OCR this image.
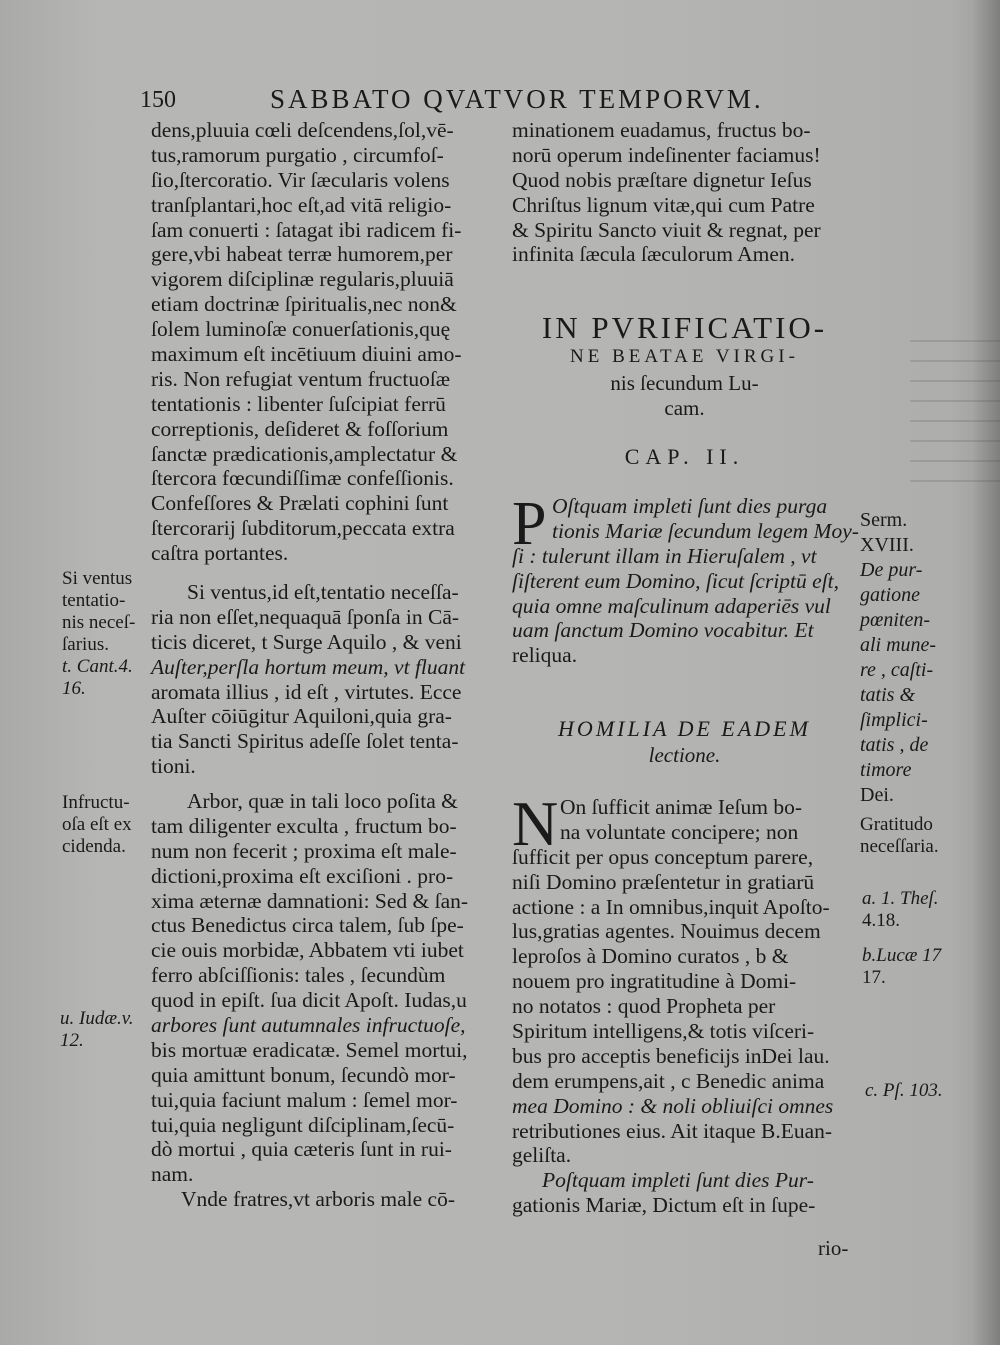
150	SABBATO QVATVOR TEMPORVM.
dens,pluuia cœli deſcendens,ſol,vē-
tus,ramorum purgatio , circumfoſ-
ſio,ſtercoratio. Vir ſæcularis volens
tranſplantari,hoc eſt,ad vitā religio-
ſam conuerti : ſatagat ibi radicem fi-
gere,vbi habeat terræ humorem,per
vigorem diſciplinæ regularis,pluuiā
etiam doctrinæ ſpiritualis,nec non&
ſolem luminoſæ conuerſationis,quę
maximum eſt incētiuum diuini amo-
ris. Non refugiat ventum fructuoſæ
tentationis : libenter ſuſcipiat ferrū
correptionis, deſideret & foſſorium
ſanctæ prædicationis,amplectatur &
ſtercora fœcundiſſimæ confeſſionis.
Confeſſores & Prælati cophini ſunt
ſtercorarij ſubditorum,peccata extra
caſtra portantes.
Si ventus,id eſt,tentatio neceſſa-
ria non eſſet,nequaquā ſponſa in Cā-
ticis diceret, t Surge Aquilo , & veni
Auſter,perſla hortum meum, vt fluant
aromata illius , id eſt , virtutes. Ecce
Auſter cōiūgitur Aquiloni,quia gra-
tia Sancti Spiritus adeſſe ſolet tenta-
tioni.
Arbor, quæ in tali loco poſita &
tam diligenter exculta , fructum bo-
num non fecerit ; proxima eſt male-
dictioni,proxima eſt exciſioni . pro-
xima æternæ damnationi: Sed & ſan-
ctus Benedictus circa talem, ſub ſpe-
cie ouis morbidæ, Abbatem vti iubet
ferro abſciſſionis: tales , ſecundùm
quod in epiſt. ſua dicit Apoſt. Iudas,u
arbores ſunt autumnales infructuoſe,
bis mortuæ eradicatæ. Semel mortui,
quia amittunt bonum, ſecundò mor-
tui,quia faciunt malum : ſemel mor-
tui,quia negligunt diſciplinam,ſecū-
dò mortui , quia cæteris ſunt in rui-
nam.
Vnde fratres,vt arboris male cō-
minationem euadamus, fructus bo-
norū operum indeſinenter faciamus!
Quod nobis præſtare dignetur Ieſus
Chriſtus lignum vitæ,qui cum Patre
& Spiritu Sancto viuit & regnat, per
infinita ſæcula ſæculorum Amen.
IN PVRIFICATIO-
NE BEATAE VIRGI-
nis ſecundum Lu-
cam.
CAP. II.
P Oſtquam impleti ſunt dies purga
tionis Mariæ ſecundum legem Moy-
ſi : tulerunt illam in Hieruſalem , vt
ſiſterent eum Domino, ſicut ſcriptū eſt,
quia omne maſculinum adaperiēs vul
uam ſanctum Domino vocabitur. Et
reliqua.
HOMILIA DE EADEM
lectione.
N On ſufficit animæ Ieſum bo-
na voluntate concipere; non
ſufficit per opus conceptum parere,
niſi Domino præſentetur in gratiarū
actione : a In omnibus,inquit Apoſto-
lus,gratias agentes. Nouimus decem
leproſos à Domino curatos , b &
nouem pro ingratitudine à Domi-
no notatos : quod Propheta per
Spiritum intelligens,& totis viſceri-
bus pro acceptis beneficijs inDei lau.
dem erumpens,ait , c Benedic anima
mea Domino : & noli obliuiſci omnes
retributiones eius. Ait itaque B.Euan-
geliſta.
Poſtquam impleti ſunt dies Pur-
gationis Mariæ, Dictum eſt in ſupe-
Si ventus
tentatio-
nis neceſ-
ſarius.
t. Cant.4.
16.
Infructu-
oſa eſt ex
cidenda.
u. Iudæ.v.
12.
Serm.
XVIII.
De pur-
gatione
pœniten-
ali mune-
re , caſti-
tatis &
ſimplici-
tatis , de
timore
Dei.
Gratitudo
neceſſaria.
a. 1. Theſ.
4.18.
b.Lucæ 17
17.
c. Pſ. 103.
rio-
